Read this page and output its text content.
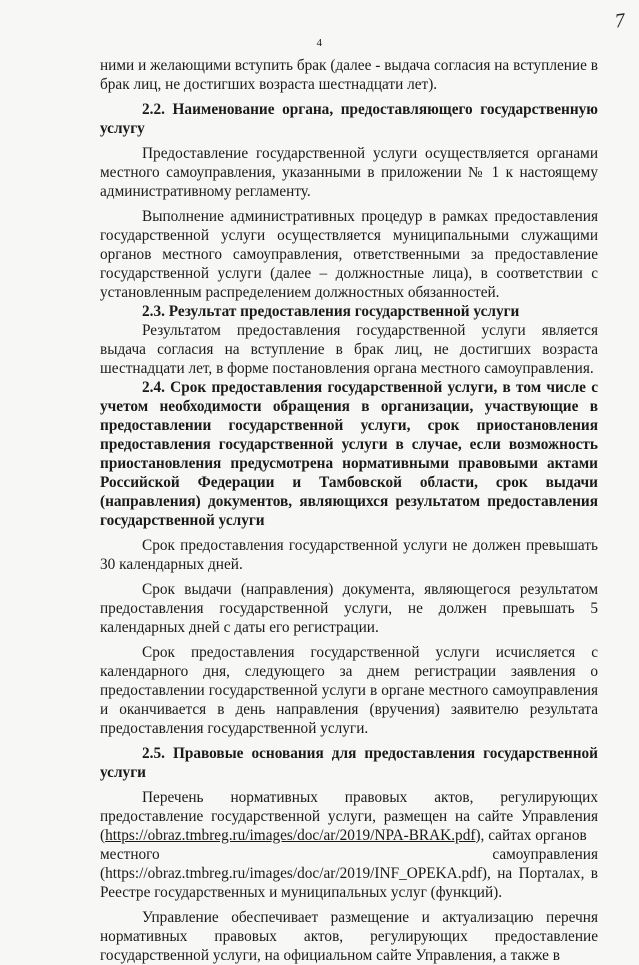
7
4

ними и желающими вступить брак (далее - выдача согласия на вступление в брак лиц, не достигших возраста шестнадцати лет).

2.2. Наименование органа, предоставляющего государственную услугу

Предоставление государственной услуги осуществляется органами местного самоуправления, указанными в приложении № 1 к настоящему административному регламенту.

Выполнение административных процедур в рамках предоставления государственной услуги осуществляется муниципальными служащими органов местного самоуправления, ответственными за предоставление государственной услуги (далее – должностные лица), в соответствии с установленным распределением должностных обязанностей.

2.3. Результат предоставления государственной услуги

Результатом предоставления государственной услуги является выдача согласия на вступление в брак лиц, не достигших возраста шестнадцати лет, в форме постановления органа местного самоуправления.

2.4. Срок предоставления государственной услуги, в том числе с учетом необходимости обращения в организации, участвующие в предоставлении государственной услуги, срок приостановления предоставления государственной услуги в случае, если возможность приостановления предусмотрена нормативными правовыми актами Российской Федерации и Тамбовской области, срок выдачи (направления) документов, являющихся результатом предоставления государственной услуги

Срок предоставления государственной услуги не должен превышать 30 календарных дней.

Срок выдачи (направления) документа, являющегося результатом предоставления государственной услуги, не должен превышать 5 календарных дней с даты его регистрации.

Срок предоставления государственной услуги исчисляется с календарного дня, следующего за днем регистрации заявления о предоставлении государственной услуги в органе местного самоуправления и оканчивается в день направления (вручения) заявителю результата предоставления государственной услуги.

2.5. Правовые основания для предоставления государственной услуги

Перечень нормативных правовых актов, регулирующих предоставление государственной услуги, размещен на сайте Управления (https://obraz.tmbreg.ru/images/doc/ar/2019/NPA-BRAK.pdf), сайтах органов

местного	самоуправления

(https://obraz.tmbreg.ru/images/doc/ar/2019/INF_OPEKA.pdf), на Порталах, в Реестре государственных и муниципальных услуг (функций).

Управление обеспечивает размещение и актуализацию перечня нормативных правовых актов, регулирующих предоставление государственной услуги, на официальном сайте Управления, а также в
